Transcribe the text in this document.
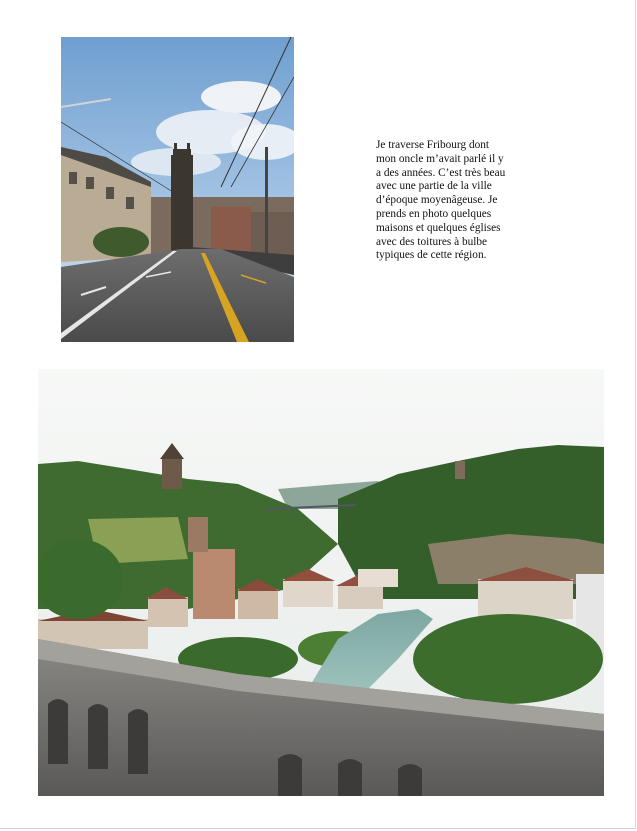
Je traverse Fribourg dont
mon oncle m’avait parlé il y
a des années. C’est très beau
avec une partie de la ville
d’époque moyenâgeuse. Je
prends en photo quelques
maisons et quelques églises
avec des toitures à bulbe
typiques de cette région.
